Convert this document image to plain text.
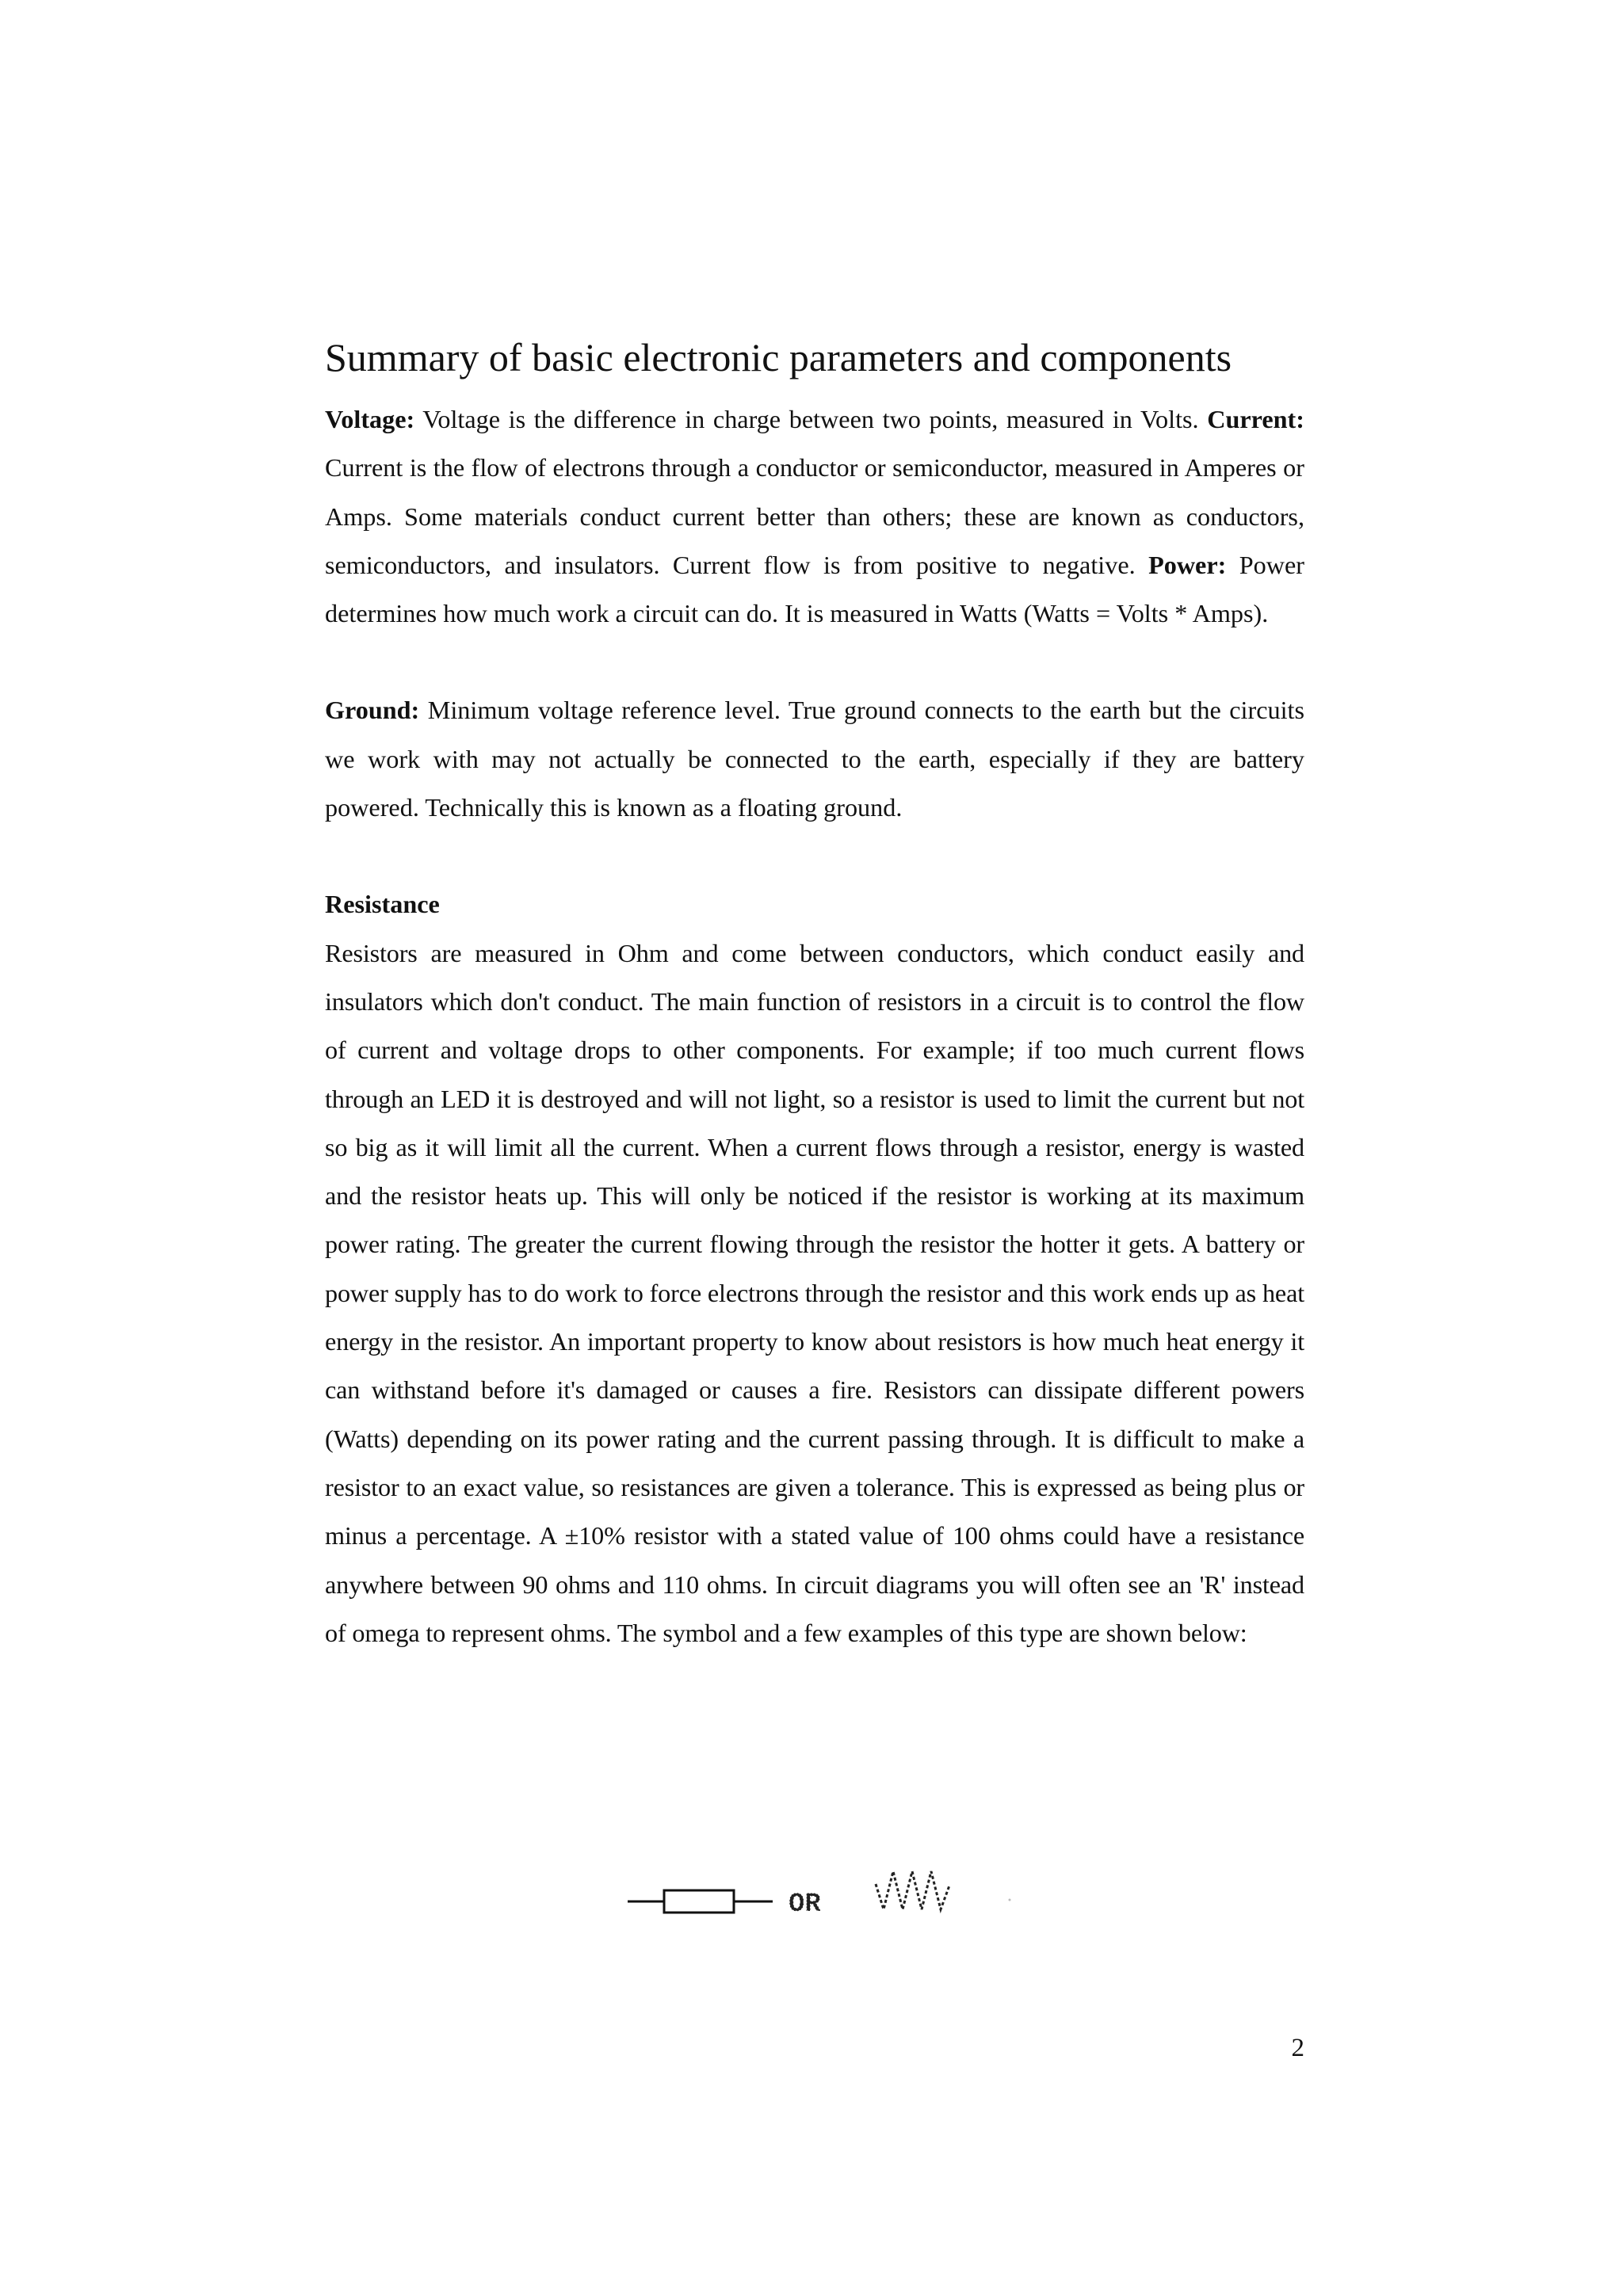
Summary of basic electronic parameters and components

Voltage: Voltage is the difference in charge between two points, measured in Volts. Current: Current is the flow of electrons through a conductor or semiconductor, measured in Amperes or Amps. Some materials conduct current better than others; these are known as conductors, semiconductors, and insulators. Current flow is from positive to negative. Power: Power determines how much work a circuit can do. It is measured in Watts (Watts = Volts * Amps).

Ground: Minimum voltage reference level. True ground connects to the earth but the circuits we work with may not actually be connected to the earth, especially if they are battery powered. Technically this is known as a floating ground.

Resistance

Resistors are measured in Ohm and come between conductors, which conduct easily and insulators which don't conduct. The main function of resistors in a circuit is to control the flow of current and voltage drops to other components. For example; if too much current flows through an LED it is destroyed and will not light, so a resistor is used to limit the current but not so big as it will limit all the current. When a current flows through a resistor, energy is wasted and the resistor heats up. This will only be noticed if the resistor is working at its maximum power rating. The greater the current flowing through the resistor the hotter it gets. A battery or power supply has to do work to force electrons through the resistor and this work ends up as heat energy in the resistor. An important property to know about resistors is how much heat energy it can withstand before it's damaged or causes a fire. Resistors can dissipate different powers (Watts) depending on its power rating and the current passing through. It is difficult to make a resistor to an exact value, so resistances are given a tolerance. This is expressed as being plus or minus a percentage. A ±10% resistor with a stated value of 100 ohms could have a resistance anywhere between 90 ohms and 110 ohms. In circuit diagrams you will often see an 'R' instead of omega to represent ohms. The symbol and a few examples of this type are shown below:

OR
2
